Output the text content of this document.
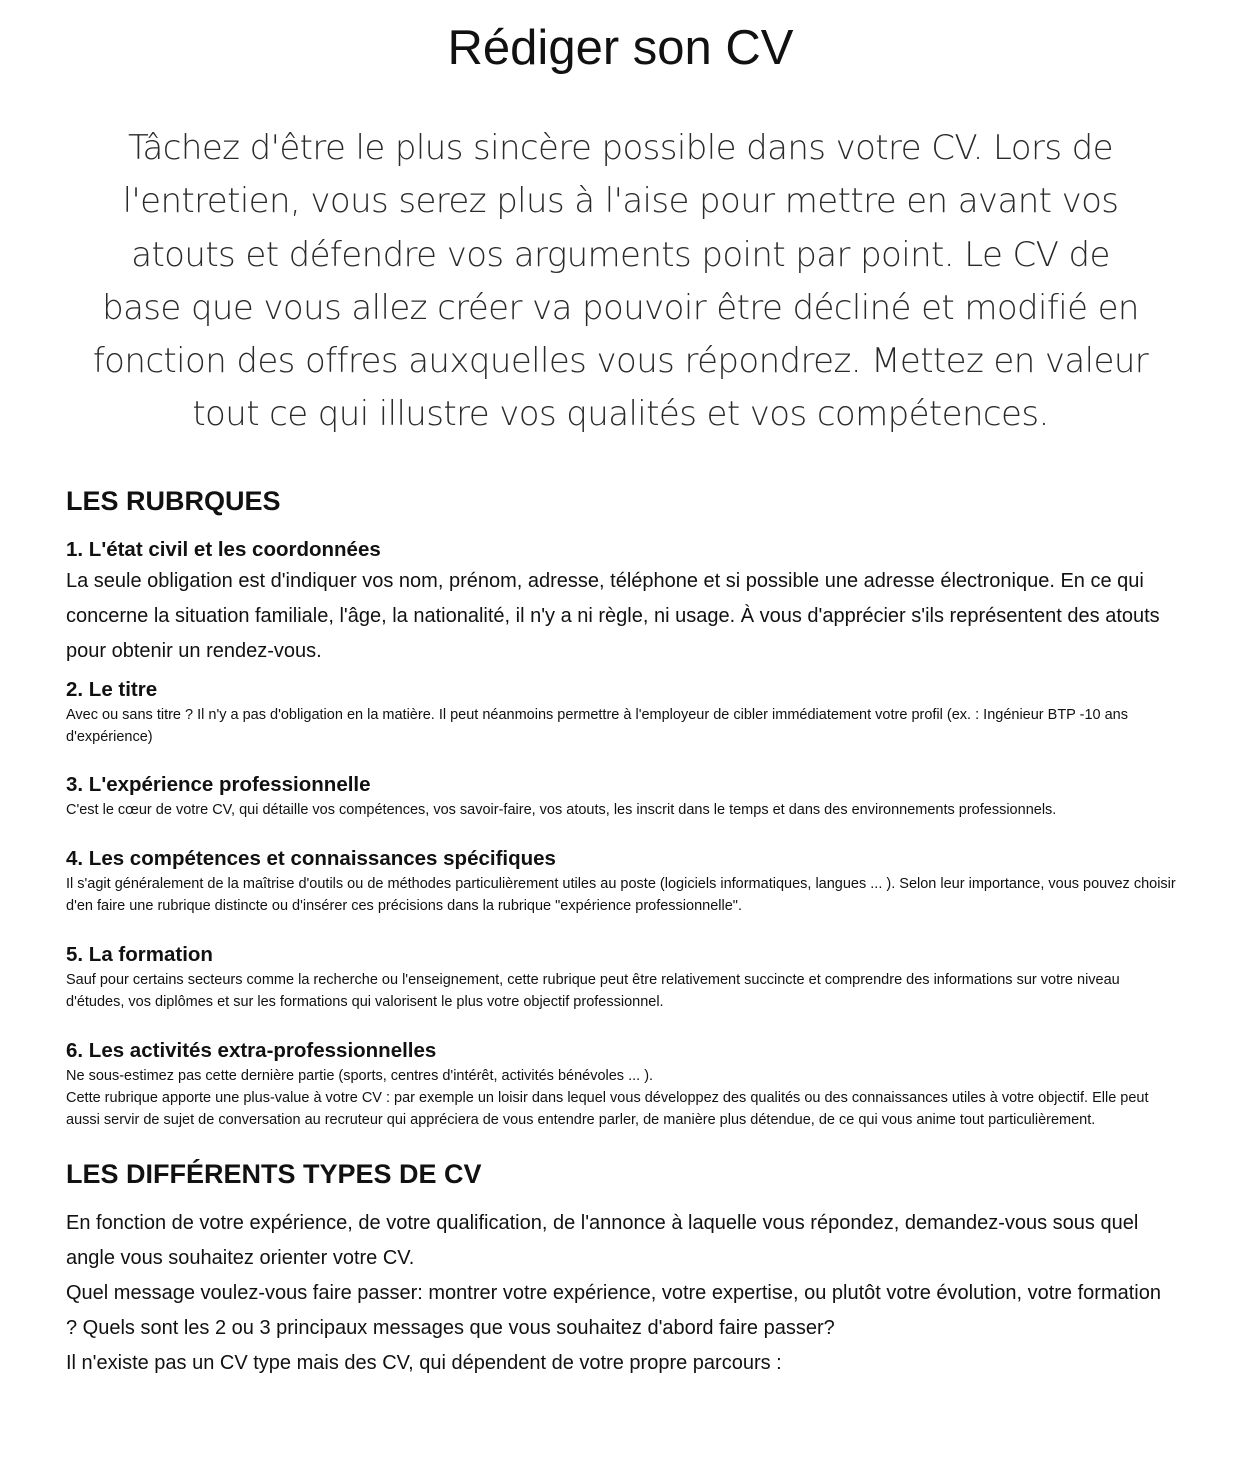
Rédiger son CV

Tâchez d'être le plus sincère possible dans votre CV. Lors de l'entretien, vous serez plus à l'aise pour mettre en avant vos atouts et défendre vos arguments point par point. Le CV de base que vous allez créer va pouvoir être décliné et modifié en fonction des offres auxquelles vous répondrez. Mettez en valeur tout ce qui illustre vos qualités et vos compétences.

LES RUBRQUES
1. L'état civil et les coordonnées

La seule obligation est d'indiquer vos nom, prénom, adresse, téléphone et si possible une adresse électronique. En ce qui concerne la situation familiale, l'âge, la nationalité, il n'y a ni règle, ni usage. À vous d'apprécier s'ils représentent des atouts pour obtenir un rendez-vous.

2. Le titre

Avec ou sans titre ? Il n'y a pas d'obligation en la matière. Il peut néanmoins permettre à l'employeur de cibler immédiatement votre profil (ex. : Ingénieur BTP -10 ans d'expérience)

3. L'expérience professionnelle

C'est le cœur de votre CV, qui détaille vos compétences, vos savoir-faire, vos atouts, les inscrit dans le temps et dans des environnements professionnels.

4. Les compétences et connaissances spécifiques

Il s'agit généralement de la maîtrise d'outils ou de méthodes particulièrement utiles au poste (logiciels informatiques, langues ... ). Selon leur importance, vous pouvez choisir d'en faire une rubrique distincte ou d'insérer ces précisions dans la rubrique "expérience professionnelle".

5. La formation

Sauf pour certains secteurs comme la recherche ou l'enseignement, cette rubrique peut être relativement succincte et comprendre des informations sur votre niveau d'études, vos diplômes et sur les formations qui valorisent le plus votre objectif professionnel.

6. Les activités extra-professionnelles

Ne sous-estimez pas cette dernière partie (sports, centres d'intérêt, activités bénévoles ... ).

Cette rubrique apporte une plus-value à votre CV : par exemple un loisir dans lequel vous développez des qualités ou des connaissances utiles à votre objectif. Elle peut aussi servir de sujet de conversation au recruteur qui appréciera de vous entendre parler, de manière plus détendue, de ce qui vous anime tout particulièrement.

LES DIFFÉRENTS TYPES DE CV

En fonction de votre expérience, de votre qualification, de l'annonce à laquelle vous répondez, demandez-vous sous quel angle vous souhaitez orienter votre CV.

Quel message voulez-vous faire passer: montrer votre expérience, votre expertise, ou plutôt votre évolution, votre formation ? Quels sont les 2 ou 3 principaux messages que vous souhaitez d'abord faire passer?

Il n'existe pas un CV type mais des CV, qui dépendent de votre propre parcours :
